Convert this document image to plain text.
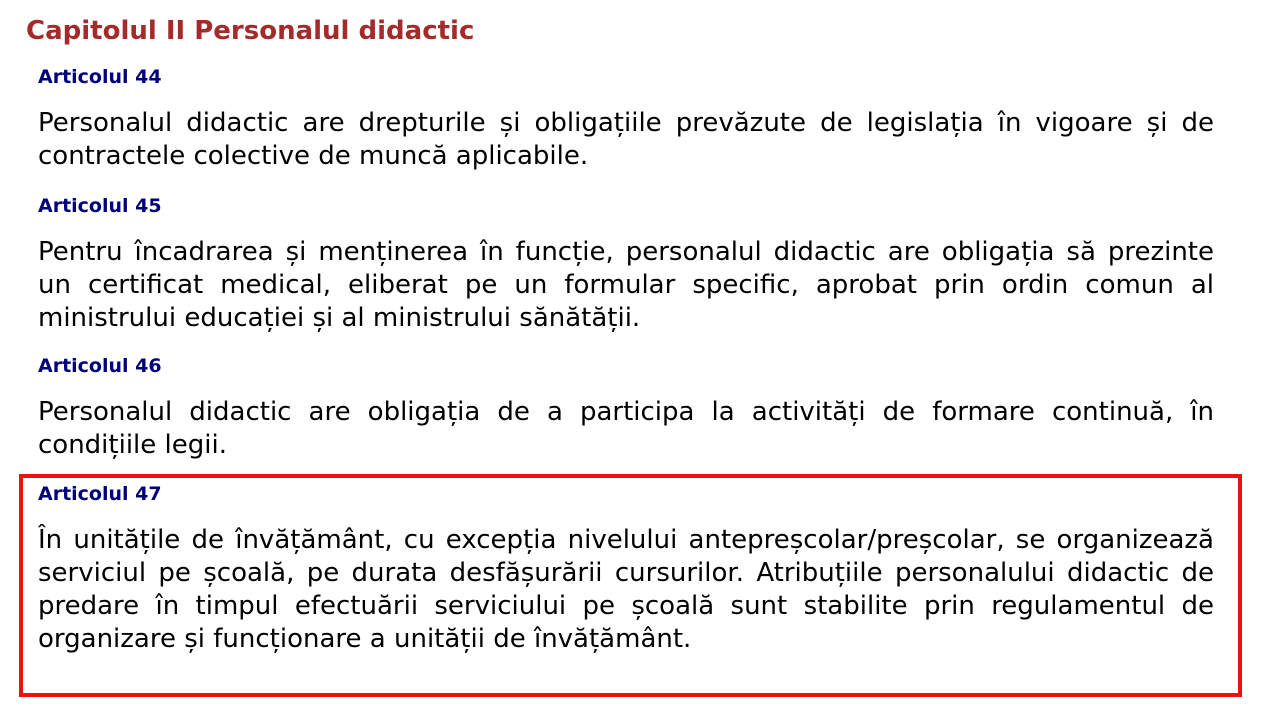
Capitolul II Personalul didactic
Articolul 44

Personalul didactic are drepturile și obligațiile prevăzute de legislația în vigoare și de contractele colective de muncă aplicabile.

Articolul 45

Pentru încadrarea și menținerea în funcție, personalul didactic are obligația să prezinte un certificat medical, eliberat pe un formular specific, aprobat prin ordin comun al ministrului educației și al ministrului sănătății.

Articolul 46

Personalul didactic are obligația de a participa la activități de formare continuă, în condițiile legii.

Articolul 47

În unitățile de învățământ, cu excepția nivelului antepreșcolar/preșcolar, se organizează serviciul pe școală, pe durata desfășurării cursurilor. Atribuțiile personalului didactic de predare în timpul efectuării serviciului pe școală sunt stabilite prin regulamentul de organizare și funcționare a unității de învățământ.
